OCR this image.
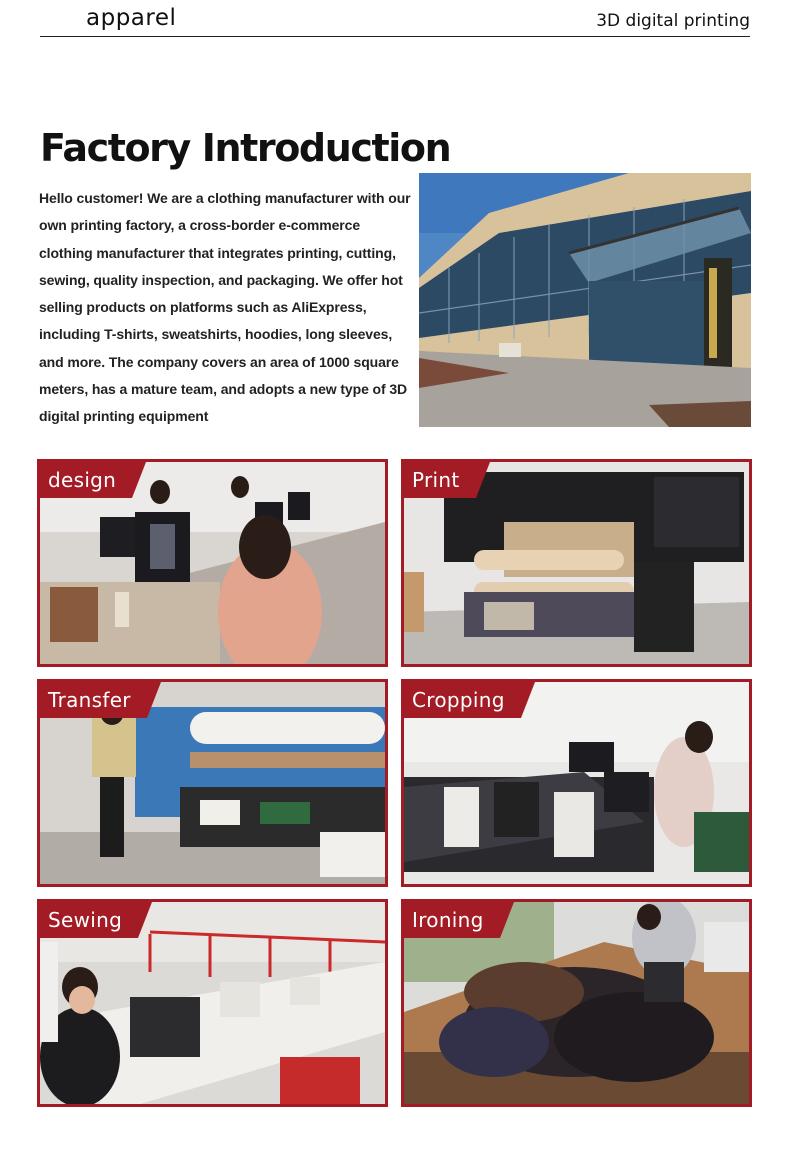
apparel	3D digital printing
Factory Introduction
Hello customer! We are a clothing manufacturer with our own printing factory, a cross-border e-commerce clothing manufacturer that integrates printing, cutting, sewing, quality inspection, and packaging. We offer hot selling products on platforms such as AliExpress, including T-shirts, sweatshirts, hoodies, long sleeves, and more. The company covers an area of 1000 square meters, has a mature team, and adopts a new type of 3D digital printing equipment
design	Print
Transfer	Cropping
Sewing	Ironing
